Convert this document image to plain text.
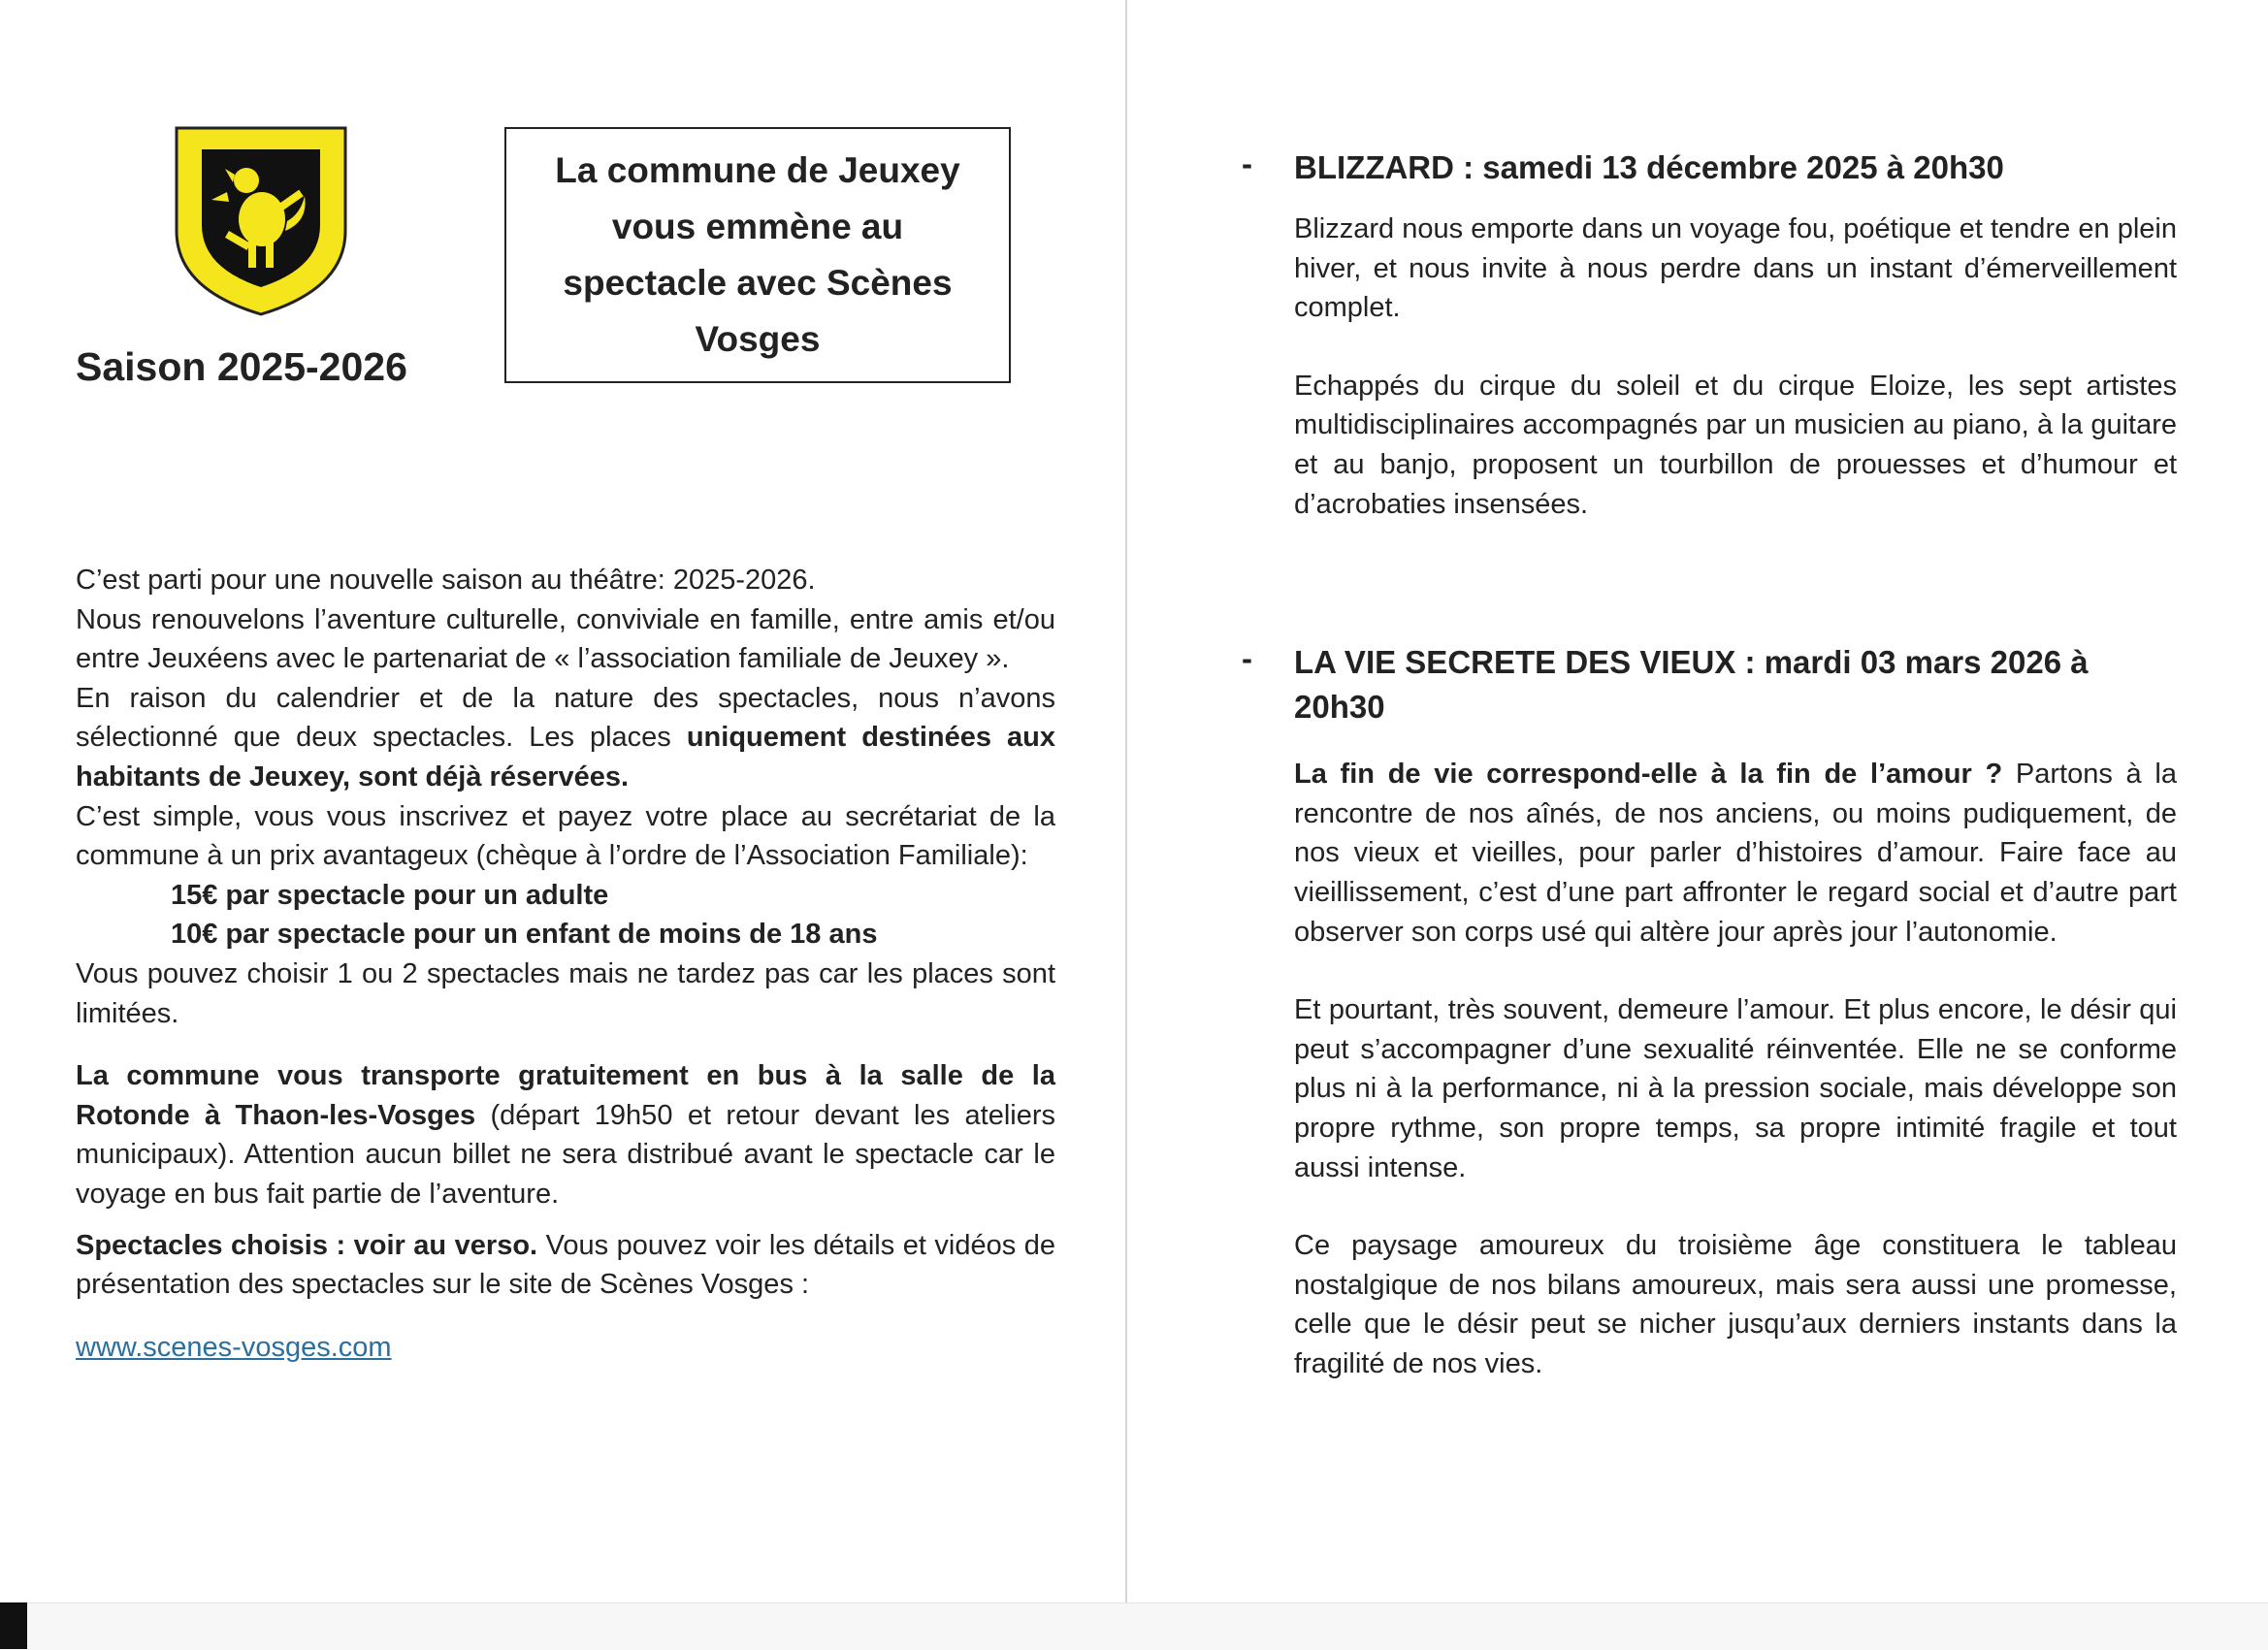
La commune de Jeuxey
vous emmène au
spectacle avec Scènes
Vosges
Saison 2025-2026

C’est parti pour une nouvelle saison au théâtre: 2025-2026.

Nous renouvelons l’aventure culturelle, conviviale en famille, entre amis et/ou entre Jeuxéens avec le partenariat de « l’association familiale de Jeuxey ».

En raison du calendrier et de la nature des spectacles, nous n’avons sélectionné que deux spectacles. Les places uniquement destinées aux habitants de Jeuxey, sont déjà réservées.

C’est simple, vous vous inscrivez et payez votre place au secrétariat de la commune à un prix avantageux (chèque à l’ordre de l’Association Familiale):

15€ par spectacle pour un adulte

10€ par spectacle pour un enfant de moins de 18 ans

Vous pouvez choisir 1 ou 2 spectacles mais ne tardez pas car les places sont limitées.

La commune vous transporte gratuitement en bus à la salle de la Rotonde à Thaon-les-Vosges (départ 19h50 et retour devant les ateliers municipaux). Attention aucun billet ne sera distribué avant le spectacle car le voyage en bus fait partie de l’aventure.

Spectacles choisis : voir au verso. Vous pouvez voir les détails et vidéos de présentation des spectacles sur le site de Scènes Vosges :

www.scenes-vosges.com

- BLIZZARD : samedi 13 décembre 2025 à 20h30

Blizzard nous emporte dans un voyage fou, poétique et tendre en plein hiver, et nous invite à nous perdre dans un instant d’émerveillement complet.

Echappés du cirque du soleil et du cirque Eloize, les sept artistes multidisciplinaires accompagnés par un musicien au piano, à la guitare et au banjo, proposent un tourbillon de prouesses et d’humour et d’acrobaties insensées.

- LA VIE SECRETE DES VIEUX : mardi 03 mars 2026 à 20h30

La fin de vie correspond-elle à la fin de l’amour ? Partons à la rencontre de nos aînés, de nos anciens, ou moins pudiquement, de nos vieux et vieilles, pour parler d’histoires d’amour. Faire face au vieillissement, c’est d’une part affronter le regard social et d’autre part observer son corps usé qui altère jour après jour l’autonomie.

Et pourtant, très souvent, demeure l’amour. Et plus encore, le désir qui peut s’accompagner d’une sexualité réinventée. Elle ne se conforme plus ni à la performance, ni à la pression sociale, mais développe son propre rythme, son propre temps, sa propre intimité fragile et tout aussi intense.

Ce paysage amoureux du troisième âge constituera le tableau nostalgique de nos bilans amoureux, mais sera aussi une promesse, celle que le désir peut se nicher jusqu’aux derniers instants dans la fragilité de nos vies.
